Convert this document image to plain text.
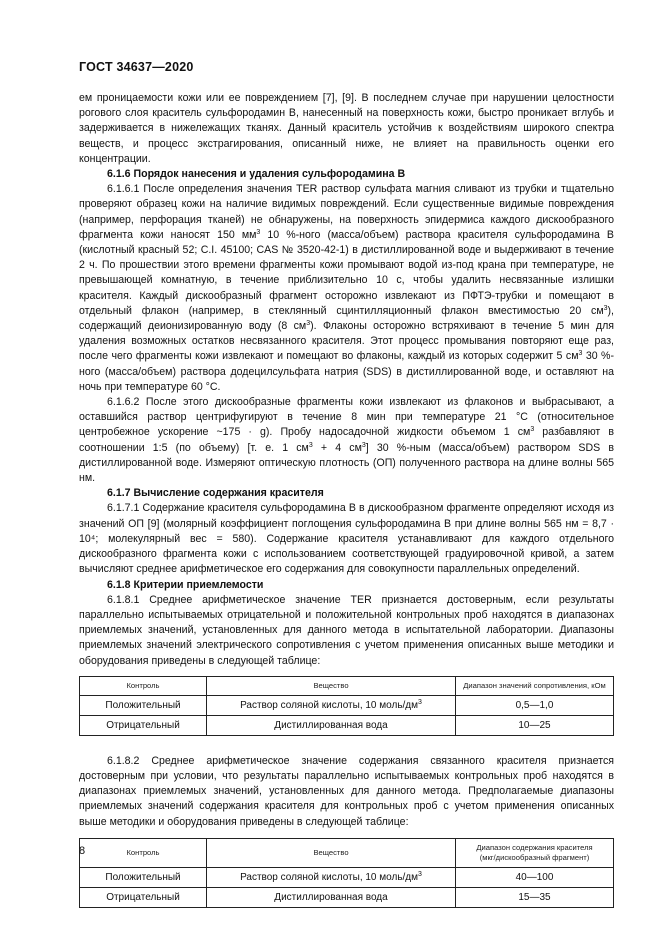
ГОСТ 34637—2020

ем проницаемости кожи или ее повреждением [7], [9]. В последнем случае при нарушении целостности рогового слоя краситель сульфородамин В, нанесенный на поверхность кожи, быстро проникает вглубь и задерживается в нижележащих тканях. Данный краситель устойчив к воздействиям широкого спектра веществ, и процесс экстрагирования, описанный ниже, не влияет на правильность оценки его концентрации.

6.1.6 Порядок нанесения и удаления сульфородамина В

6.1.6.1 После определения значения TER раствор сульфата магния сливают из трубки и тщательно проверяют образец кожи на наличие видимых повреждений. Если существенные видимые повреждения (например, перфорация тканей) не обнаружены, на поверхность эпидермиса каждого дискообразного фрагмента кожи наносят 150 $мм^3$ 10 %-ного (масса/объем) раствора красителя сульфородамина В (кислотный красный 52; C.I. 45100; CAS № 3520-42-1) в дистиллированной воде и выдерживают в течение 2 ч. По прошествии этого времени фрагменты кожи промывают водой из-под крана при температуре, не превышающей комнатную, в течение приблизительно 10 с, чтобы удалить несвязанные излишки красителя. Каждый дискообразный фрагмент осторожно извлекают из ПФТЭ-трубки и помещают в отдельный флакон (например, в стеклянный сцинтилляционный флакон вместимостью 20 $см^3$), содержащий деионизированную воду (8 $см^3$). Флаконы осторожно встряхивают в течение 5 мин для удаления возможных остатков несвязанного красителя. Этот процесс промывания повторяют еще раз, после чего фрагменты кожи извлекают и помещают во флаконы, каждый из которых содержит 5 $см^3$ 30 %-ного (масса/объем) раствора додецилсульфата натрия (SDS) в дистиллированной воде, и оставляют на ночь при температуре 60 °С.

6.1.6.2 После этого дискообразные фрагменты кожи извлекают из флаконов и выбрасывают, а оставшийся раствор центрифугируют в течение 8 мин при температуре 21 °С (относительное центробежное ускорение ~175 · g). Пробу надосадочной жидкости объемом 1 $см^3$ разбавляют в соотношении 1:5 (по объему) [т. е. 1 $см^3 + 4$ $см^3$] 30 %-ным (масса/объем) раствором SDS в дистиллированной воде. Измеряют оптическую плотность (ОП) полученного раствора на длине волны 565 нм.

6.1.7 Вычисление содержания красителя

6.1.7.1 Содержание красителя сульфородамина В в дискообразном фрагменте определяют исходя из значений ОП [9] (молярный коэффициент поглощения сульфородамина В при длине волны 565 нм = 8,7 · 10⁴; молекулярный вес = 580). Содержание красителя устанавливают для каждого отдельного дискообразного фрагмента кожи с использованием соответствующей градуировочной кривой, а затем вычисляют среднее арифметическое его содержания для совокупности параллельных определений.

6.1.8 Критерии приемлемости

6.1.8.1 Среднее арифметическое значение TER признается достоверным, если результаты параллельно испытываемых отрицательной и положительной контрольных проб находятся в диапазонах приемлемых значений, установленных для данного метода в испытательной лаборатории. Диапазоны приемлемых значений электрического сопротивления с учетом применения описанных выше методики и оборудования приведены в следующей таблице:

Контроль	Вещество	Диапазон значений сопротивления, кОм
Положительный	Раствор соляной кислоты, 10 моль/$дм^3$	0,5—1,0
Отрицательный	Дистиллированная вода	10—25

6.1.8.2 Среднее арифметическое значение содержания связанного красителя признается достоверным при условии, что результаты параллельно испытываемых контрольных проб находятся в диапазонах приемлемых значений, установленных для данного метода. Предполагаемые диапазоны приемлемых значений содержания красителя для контрольных проб с учетом применения описанных выше методики и оборудования приведены в следующей таблице:

Контроль	Вещество	Диапазон содержания красителя
(мкг/дискообразный фрагмент)
Положительный	Раствор соляной кислоты, 10 моль/$дм^3$	40—100
Отрицательный	Дистиллированная вода	15—35
8
